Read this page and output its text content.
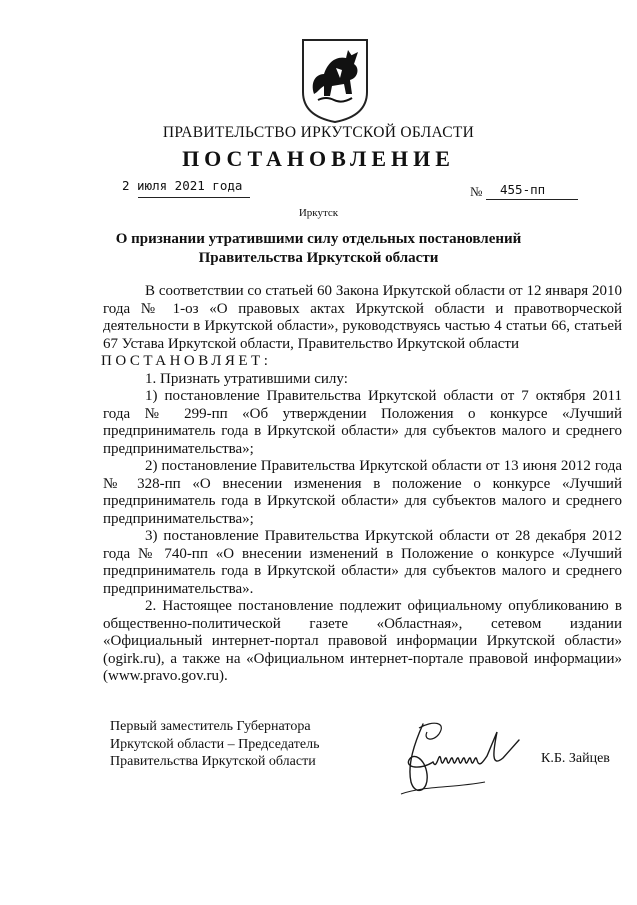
ПРАВИТЕЛЬСТВО ИРКУТСКОЙ ОБЛАСТИ
ПОСТАНОВЛЕНИЕ
2 июля 2021 года	№ 455-пп
Иркутск
О признании утратившими силу отдельных постановлений
Правительства Иркутской области

В соответствии со статьей 60 Закона Иркутской области от 12 января 2010 года № 1-оз «О правовых актах Иркутской области и правотворческой деятельности в Иркутской области», руководствуясь частью 4 статьи 66, статьей 67 Устава Иркутской области, Правительство Иркутской области

ПОСТАНОВЛЯЕТ:

1. Признать утратившими силу:

1) постановление Правительства Иркутской области от 7 октября 2011 года № 299-пп «Об утверждении Положения о конкурсе «Лучший предприниматель года в Иркутской области» для субъектов малого и среднего предпринимательства»;

2) постановление Правительства Иркутской области от 13 июня 2012 года № 328-пп «О внесении изменения в положение о конкурсе «Лучший предприниматель года в Иркутской области» для субъектов малого и среднего предпринимательства»;

3) постановление Правительства Иркутской области от 28 декабря 2012 года № 740-пп «О внесении изменений в Положение о конкурсе «Лучший предприниматель года в Иркутской области» для субъектов малого и среднего предпринимательства».

2. Настоящее постановление подлежит официальному опубликованию в общественно-политической газете «Областная», сетевом издании «Официальный интернет-портал правовой информации Иркутской области» (ogirk.ru), а также на «Официальном интернет-портале правовой информации» (www.pravo.gov.ru).

Первый заместитель Губернатора
Иркутской области – Председатель
Правительства Иркутской области	К.Б. Зайцев
